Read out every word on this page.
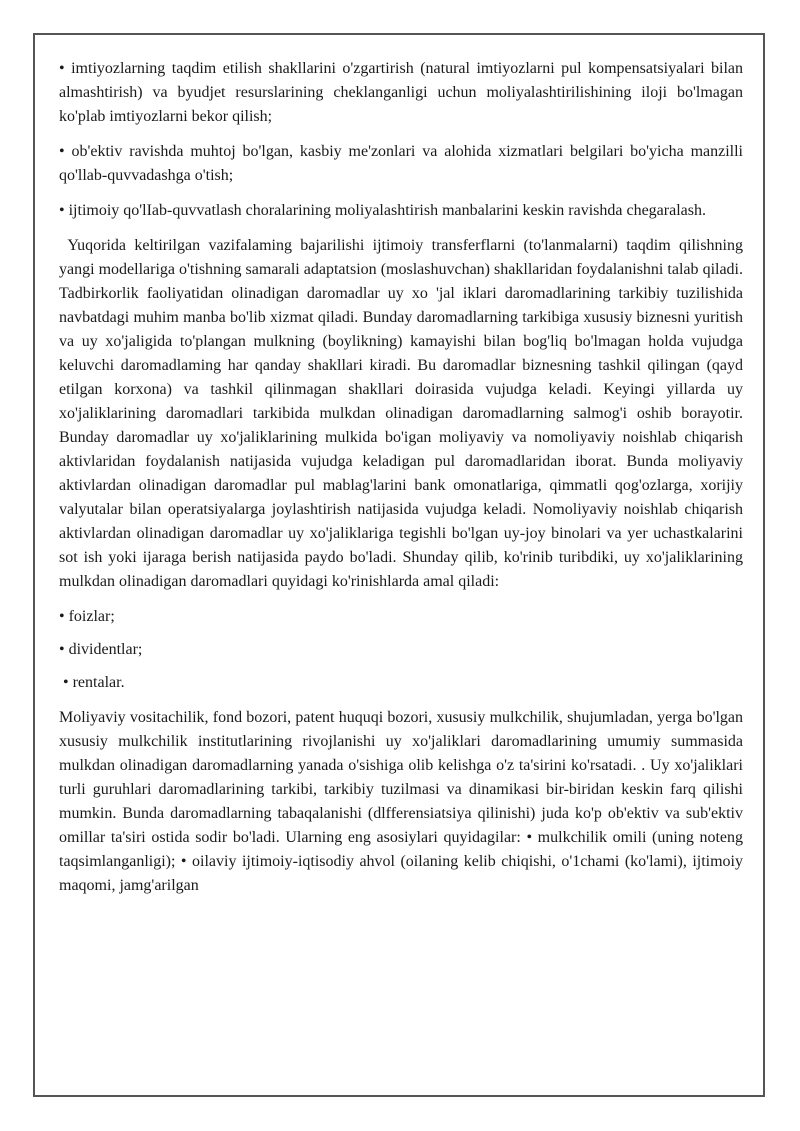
• imtiyozlarning taqdim etilish shakllarini o'zgartirish (natural imtiyozlarni pul kompensatsiyalari bilan almashtirish) va byudjet resurslarining cheklanganligi uchun moliyalashtirilishining iloji bo'lmagan ko'plab imtiyozlarni bekor qilish;

• ob'ektiv ravishda muhtoj bo'lgan, kasbiy me'zonlari va alohida xizmatlari belgilari bo'yicha manzilli qo'llab-quvvadashga o'tish;

• ijtimoiy qo'lIab-quvvatlash choralarining moliyalashtirish manbalarini keskin ravishda chegaralash.

Yuqorida keltirilgan vazifalaming bajarilishi ijtimoiy transferflarni (to'lanmalarni) taqdim qilishning yangi modellariga o'tishning samarali adaptatsion (moslashuvchan) shakllaridan foydalanishni talab qiladi. Tadbirkorlik faoliyatidan olinadigan daromadlar uy xo 'jal iklari daromadlarining tarkibiy tuzilishida navbatdagi muhim manba bo'lib xizmat qiladi. Bunday daromadlarning tarkibiga xususiy biznesni yuritish va uy xo'jaligida to'plangan mulkning (boylikning) kamayishi bilan bog'liq bo'lmagan holda vujudga keluvchi daromadlaming har qanday shakllari kiradi. Bu daromadlar biznesning tashkil qilingan (qayd etilgan korxona) va tashkil qilinmagan shakllari doirasida vujudga keladi. Keyingi yillarda uy xo'jaliklarining daromadlari tarkibida mulkdan olinadigan daromadlarning salmog'i oshib borayotir. Bunday daromadlar uy xo'jaliklarining mulkida bo'igan moliyaviy va nomoliyaviy noishlab chiqarish aktivlaridan foydalanish natijasida vujudga keladigan pul daromadlaridan iborat. Bunda moliyaviy aktivlardan olinadigan daromadlar pul mablag'larini bank omonatlariga, qimmatli qog'ozlarga, xorijiy valyutalar bilan operatsiyalarga joylashtirish natijasida vujudga keladi. Nomoliyaviy noishlab chiqarish aktivlardan olinadigan daromadlar uy xo'jaliklariga tegishli bo'lgan uy-joy binolari va yer uchastkalarini sot ish yoki ijaraga berish natijasida paydo bo'ladi. Shunday qilib, ko'rinib turibdiki, uy xo'jaliklarining mulkdan olinadigan daromadlari quyidagi ko'rinishlarda amal qiladi:

• foizlar;

• dividentlar;

• rentalar.

Moliyaviy vositachilik, fond bozori, patent huquqi bozori, xususiy mulkchilik, shujumladan, yerga bo'lgan xususiy mulkchilik institutlarining rivojlanishi uy xo'jaliklari daromadlarining umumiy summasida mulkdan olinadigan daromadlarning yanada o'sishiga olib kelishga o'z ta'sirini ko'rsatadi. . Uy xo'jaliklari turli guruhlari daromadlarining tarkibi, tarkibiy tuzilmasi va dinamikasi bir-biridan keskin farq qilishi mumkin. Bunda daromadlarning tabaqalanishi (dlfferensiatsiya qilinishi) juda ko'p ob'ektiv va sub'ektiv omillar ta'siri ostida sodir bo'ladi. Ularning eng asosiylari quyidagilar: • mulkchilik omili (uning noteng taqsimlanganligi); • oilaviy ijtimoiy-iqtisodiy ahvol (oilaning kelib chiqishi, o'1chami (ko'lami), ijtimoiy maqomi, jamg'arilgan
